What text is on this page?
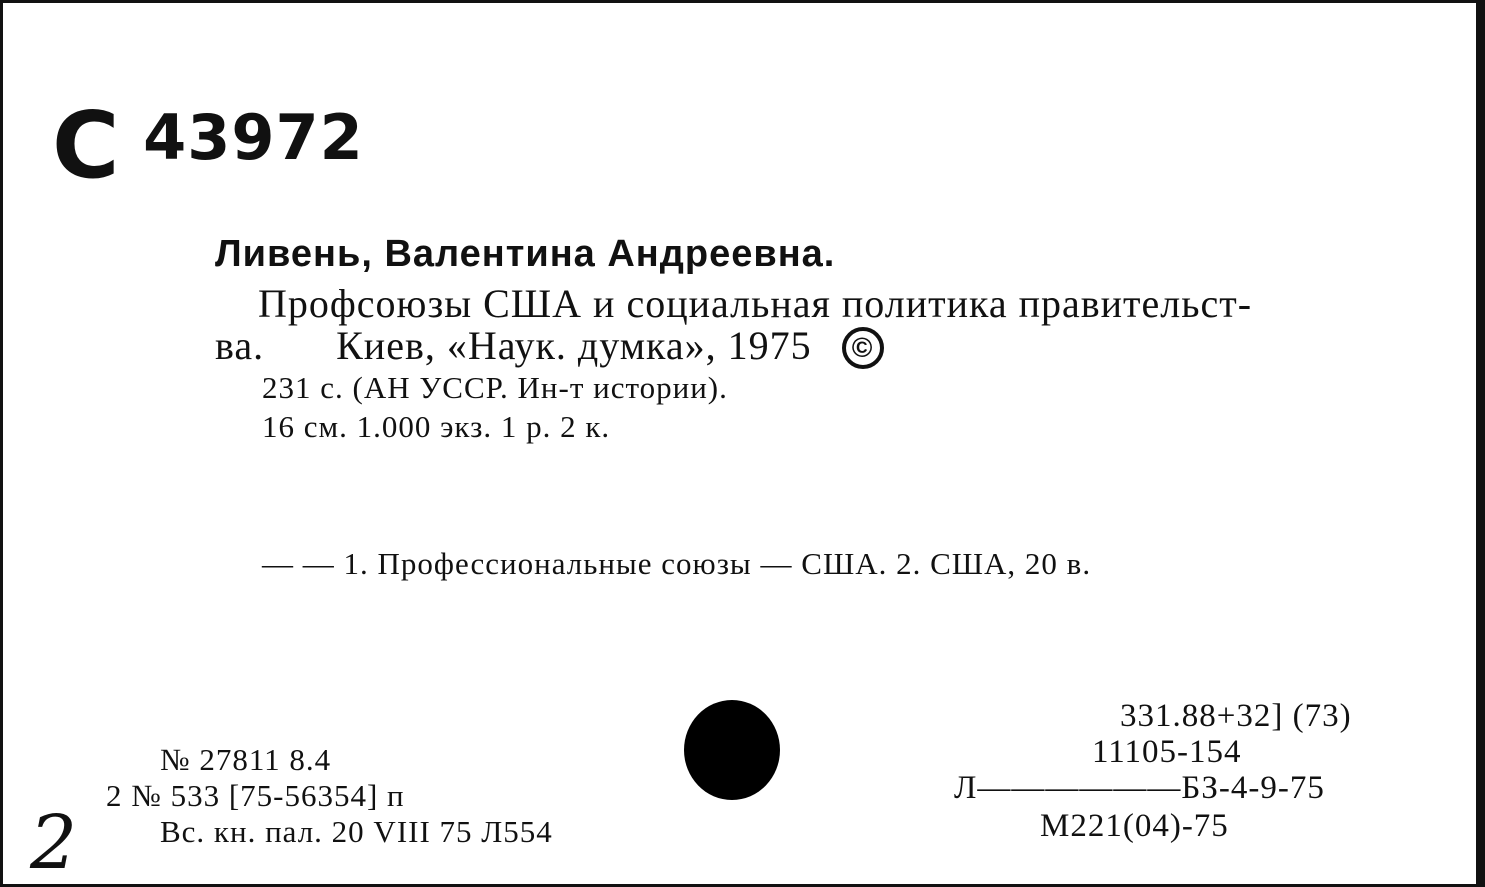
С 43972
Ливень, Валентина Андреевна.
Профсоюзы США и социальная политика правительст-
ва. Киев, «Наук. думка», 1975 ©
231 с. (АН УССР. Ин-т истории).
16 см. 1.000 экз. 1 р. 2 к.
— — 1. Профессиональные союзы — США. 2. США, 20 в.
№ 27811 8.4
2 № 533 [75-56354] п
Вс. кн. пал. 20 VIII 75 Л554
331.88+32] (73)
11105-154
Л——————БЗ-4-9-75
М221(04)-75
2
